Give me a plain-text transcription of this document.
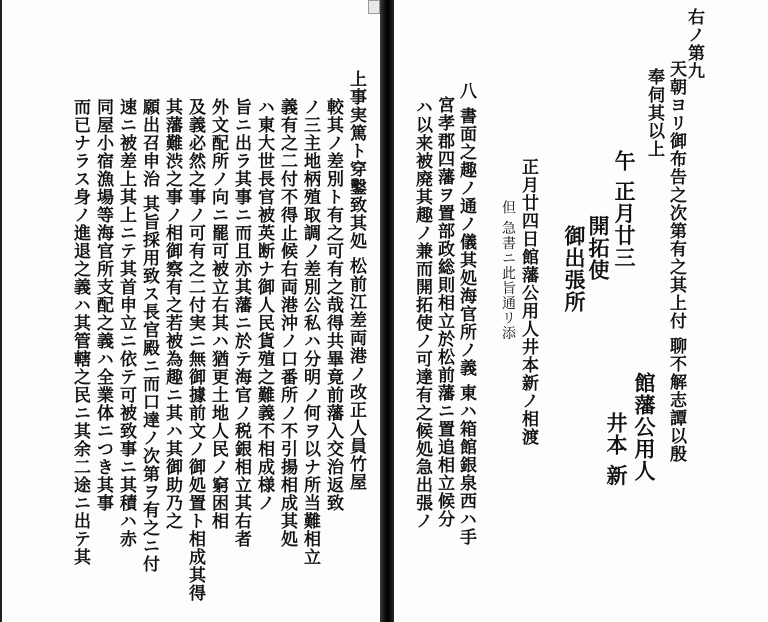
上事実篤ト穿鑿致其処 松前江差両港ノ改正人員竹屋
較其ノ差別ト有之可有之哉得共畢竟前藩入交治返致
ノ三主地柄殖取調ノ差別公私ハ分明ノ何ヲ以ナ所当難相立
義有之二付不得止候右両港沖ノ口番所ノ不引揚相成其処
ハ東大世長官被英断ナ御人民貨殖之難義不相成様ノ
旨ニ出ラ其事ニ而且亦其藩ニ於テ海官ノ税銀相立其右者
外文配所ノ向ニ罷可被立右其ハ猶更土地人民ノ窮困相
及義必然之事ノ可有之二付実ニ無御據前文ノ御処置ト相成其得
其藩難渋之事ノ相御察有之若被為趣ニ其ハ其御助乃之
願出召申治 其旨採用致ス長官殿ニ而口達ノ次第ヲ有之ニ付
速ニ被差上其上ニテ其首申立ニ依テ可被致事ニ其積ハ赤
同屋小宿漁場等海官所支配之義ハ全業体ニつき其事
而已ナラス身ノ進退之義ハ其管轄之民ニ其余二途ニ出テ其
右ノ第九
天朝ヨリ御布告之次第有之其上付 聊不解志譚以殷
奉伺其以上
午 正月廿三
開拓使
御出張所
館藩公用人
井本 新
正月廿四日館藩公用人井本新ノ相渡
但 急書ニ此旨通リ添
八 書面之趣ノ通ノ儀其処海官所ノ義 東ハ箱館銀泉西ハ手
宮孝郡四藩ヲ置部政総則相立於松前藩ニ置追相立候分
ハ以来被廃其趣ノ兼而開拓使ノ可達有之候処急出張ノ
